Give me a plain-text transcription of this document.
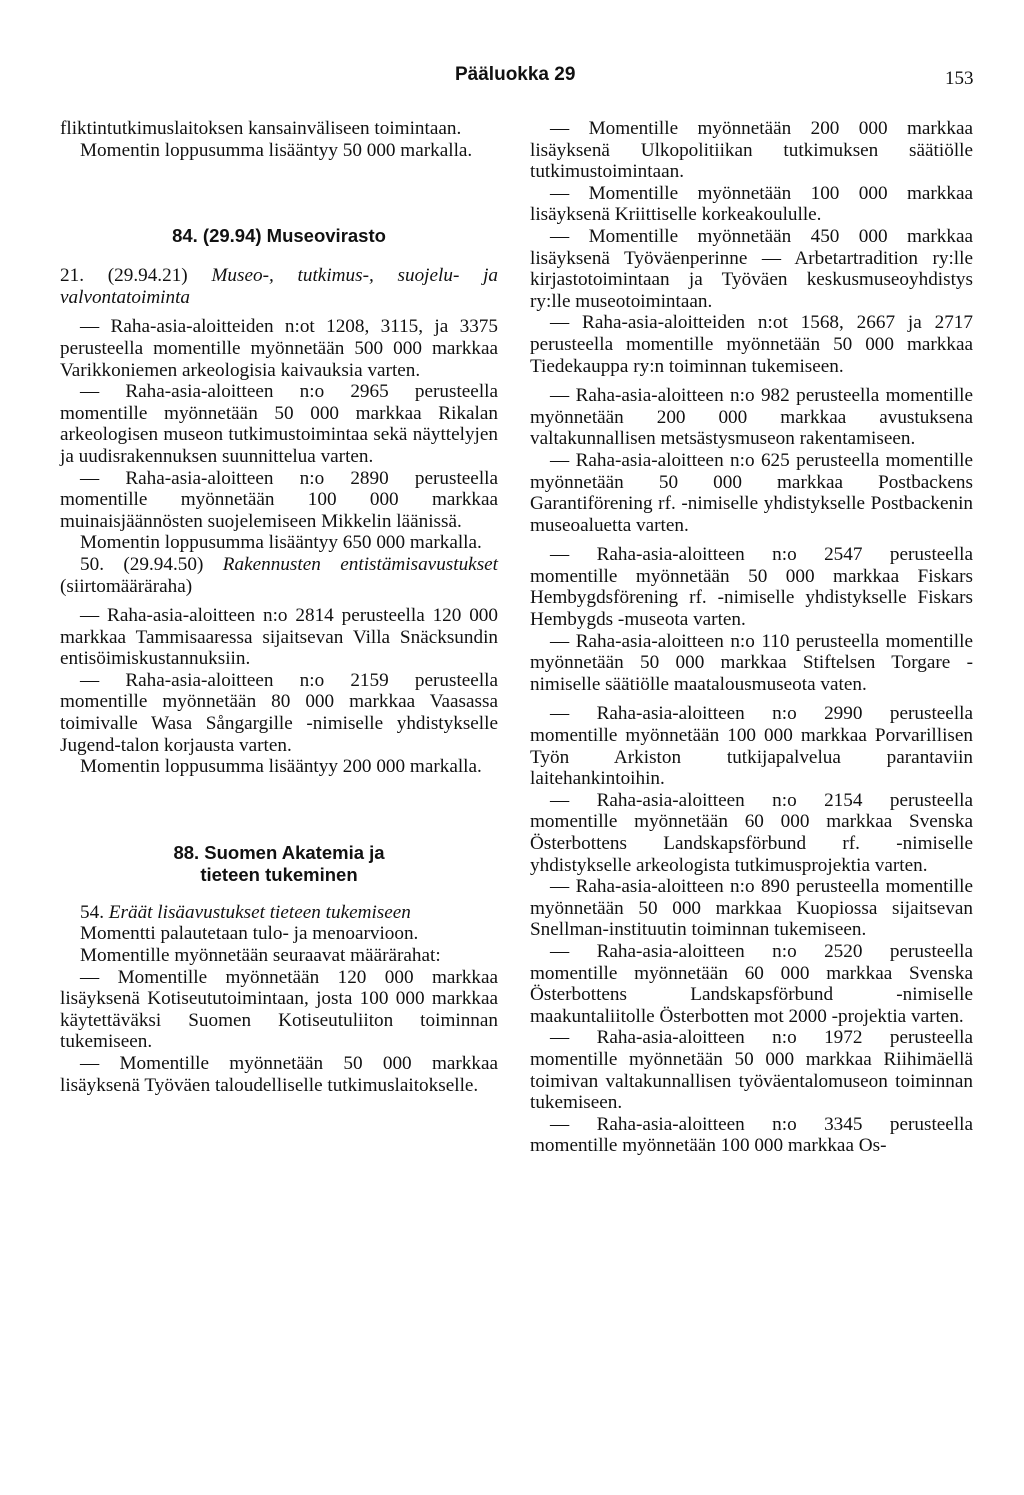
Pääluokka 29	153

fliktintutkimuslaitoksen kansainväliseen toimintaan.

Momentin loppusumma lisääntyy 50 000 markalla.

84. (29.94) Museovirasto

21. (29.94.21) Museo-, tutkimus-, suojelu- ja valvontatoiminta

— Raha-asia-aloitteiden n:ot 1208, 3115, ja 3375 perusteella momentille myönnetään 500 000 markkaa Varikkoniemen arkeologisia kaivauksia varten.

— Raha-asia-aloitteen n:o 2965 perusteella momentille myönnetään 50 000 markkaa Rikalan arkeologisen museon tutkimustoimintaa sekä näyttelyjen ja uudisrakennuksen suunnittelua varten.

— Raha-asia-aloitteen n:o 2890 perusteella momentille myönnetään 100 000 markkaa muinaisjäännösten suojelemiseen Mikkelin läänissä.

Momentin loppusumma lisääntyy 650 000 markalla.

50. (29.94.50) Rakennusten entistämisavustukset (siirtomääräraha)

— Raha-asia-aloitteen n:o 2814 perusteella 120 000 markkaa Tammisaaressa sijaitsevan Villa Snäcksundin entisöimiskustannuksiin.

— Raha-asia-aloitteen n:o 2159 perusteella momentille myönnetään 80 000 markkaa Vaasassa toimivalle Wasa Sångargille -nimiselle yhdistykselle Jugend-talon korjausta varten.

Momentin loppusumma lisääntyy 200 000 markalla.

88. Suomen Akatemia ja
tieteen tukeminen

54. Eräät lisäavustukset tieteen tukemiseen

Momentti palautetaan tulo- ja menoarvioon.

Momentille myönnetään seuraavat määrärahat:

— Momentille myönnetään 120 000 markkaa lisäyksenä Kotiseututoimintaan, josta 100 000 markkaa käytettäväksi Suomen Kotiseutuliiton toiminnan tukemiseen.

— Momentille myönnetään 50 000 markkaa lisäyksenä Työväen taloudelliselle tutkimuslaitokselle.

— Momentille myönnetään 200 000 markkaa lisäyksenä Ulkopolitiikan tutkimuksen säätiölle tutkimustoimintaan.

— Momentille myönnetään 100 000 markkaa lisäyksenä Kriittiselle korkeakoululle.

— Momentille myönnetään 450 000 markkaa lisäyksenä Työväenperinne — Arbetartradition ry:lle kirjastotoimintaan ja Työväen keskusmuseoyhdistys ry:lle museotoimintaan.

— Raha-asia-aloitteiden n:ot 1568, 2667 ja 2717 perusteella momentille myönnetään 50 000 markkaa Tiedekauppa ry:n toiminnan tukemiseen.

— Raha-asia-aloitteen n:o 982 perusteella momentille myönnetään 200 000 markkaa avustuksena valtakunnallisen metsästysmuseon rakentamiseen.

— Raha-asia-aloitteen n:o 625 perusteella momentille myönnetään 50 000 markkaa Postbackens Garantiförening rf. -nimiselle yhdistykselle Postbackenin museoaluetta varten.

— Raha-asia-aloitteen n:o 2547 perusteella momentille myönnetään 50 000 markkaa Fiskars Hembygdsförening rf. -nimiselle yhdistykselle Fiskars Hembygds -museota varten.

— Raha-asia-aloitteen n:o 110 perusteella momentille myönnetään 50 000 markkaa Stiftelsen Torgare -nimiselle säätiölle maatalousmuseota vaten.

— Raha-asia-aloitteen n:o 2990 perusteella momentille myönnetään 100 000 markkaa Porvarillisen Työn Arkiston tutkijapalvelua parantaviin laitehankintoihin.

— Raha-asia-aloitteen n:o 2154 perusteella momentille myönnetään 60 000 markkaa Svenska Österbottens Landskapsförbund rf. -nimiselle yhdistykselle arkeologista tutkimusprojektia varten.

— Raha-asia-aloitteen n:o 890 perusteella momentille myönnetään 50 000 markkaa Kuopiossa sijaitsevan Snellman-instituutin toiminnan tukemiseen.

— Raha-asia-aloitteen n:o 2520 perusteella momentille myönnetään 60 000 markkaa Svenska Österbottens Landskapsförbund -nimiselle maakuntaliitolle Österbotten mot 2000 -projektia varten.

— Raha-asia-aloitteen n:o 1972 perusteella momentille myönnetään 50 000 markkaa Riihimäellä toimivan valtakunnallisen työväentalomuseon toiminnan tukemiseen.

— Raha-asia-aloitteen n:o 3345 perusteella momentille myönnetään 100 000 markkaa Os-
